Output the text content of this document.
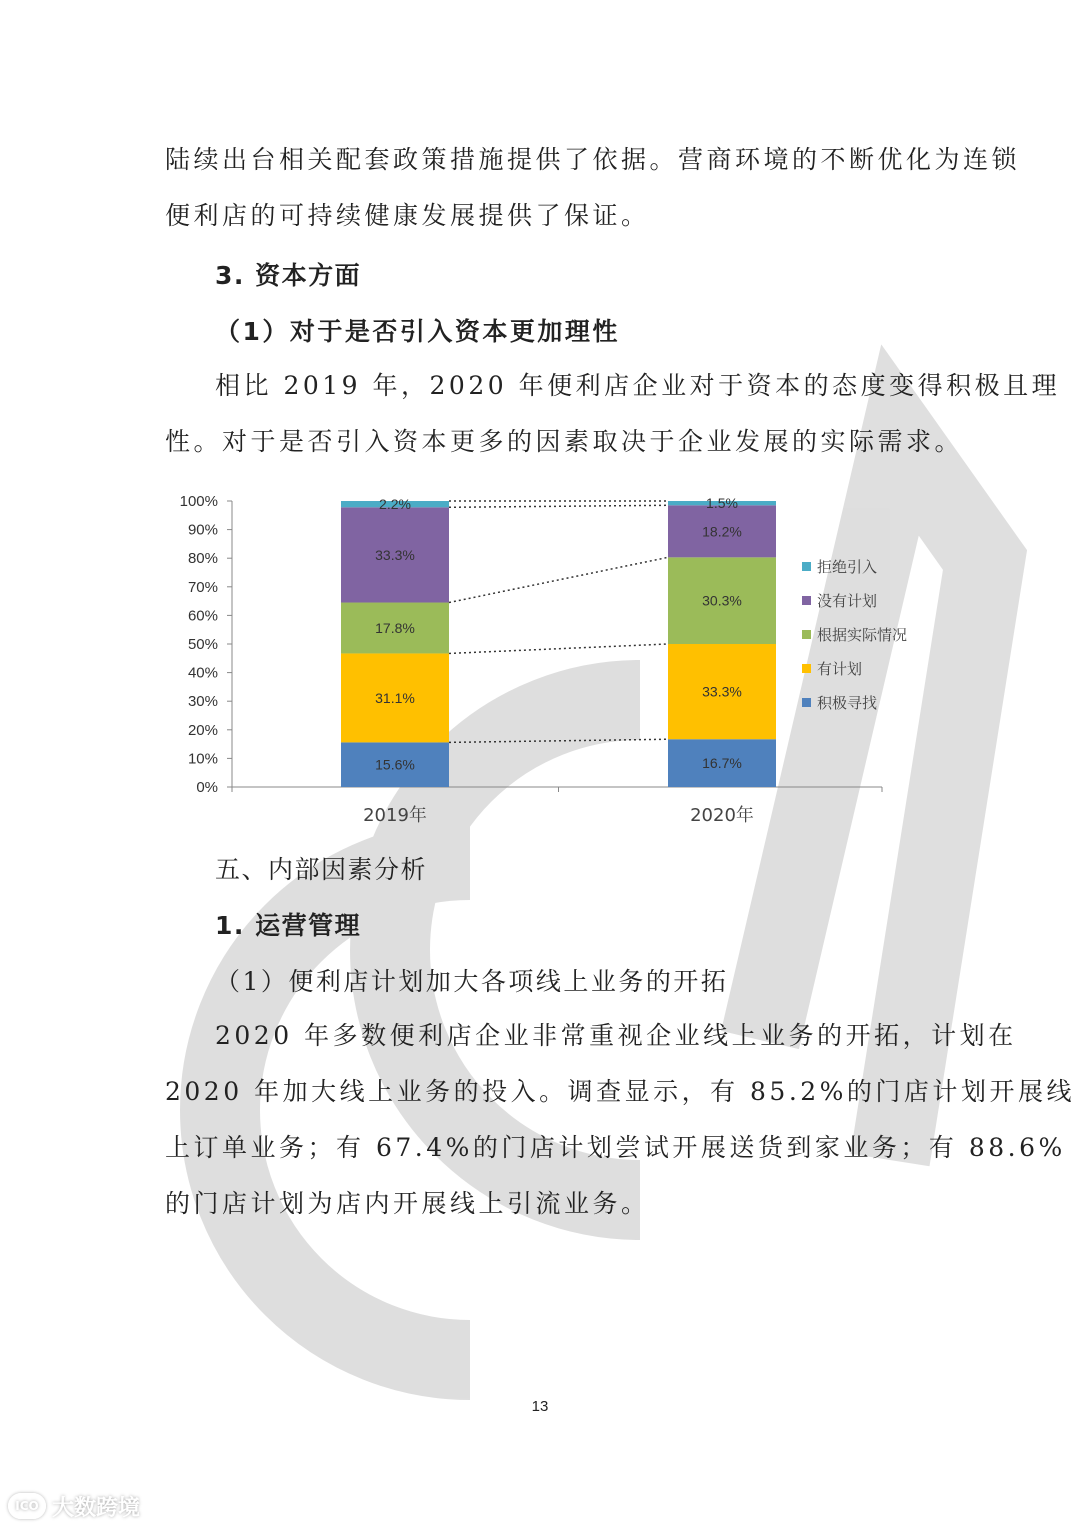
陆续出台相关配套政策措施提供了依据。营商环境的不断优化为连锁
便利店的可持续健康发展提供了保证。

3. 资本方面

（1）对于是否引入资本更加理性

相比 2019 年，2020 年便利店企业对于资本的态度变得积极且理
性。对于是否引入资本更多的因素取决于企业发展的实际需求。

0%
10%
20%
30%
40%
50%
60%
70%
80%
90%
100%
15.6%
31.1%
17.8%
33.3%
2.2%
2019年
16.7%
33.3%
30.3%
18.2%
1.5%
2020年
拒绝引入
没有计划
根据实际情况
有计划
积极寻找
五、内部因素分析
1. 运营管理

（1）便利店计划加大各项线上业务的开拓

2020 年多数便利店企业非常重视企业线上业务的开拓，计划在
2020 年加大线上业务的投入。调查显示，有 85.2%的门店计划开展线
上订单业务；有 67.4%的门店计划尝试开展送货到家业务；有 88.6%
的门店计划为店内开展线上引流业务。

13
ICO 大数跨境
